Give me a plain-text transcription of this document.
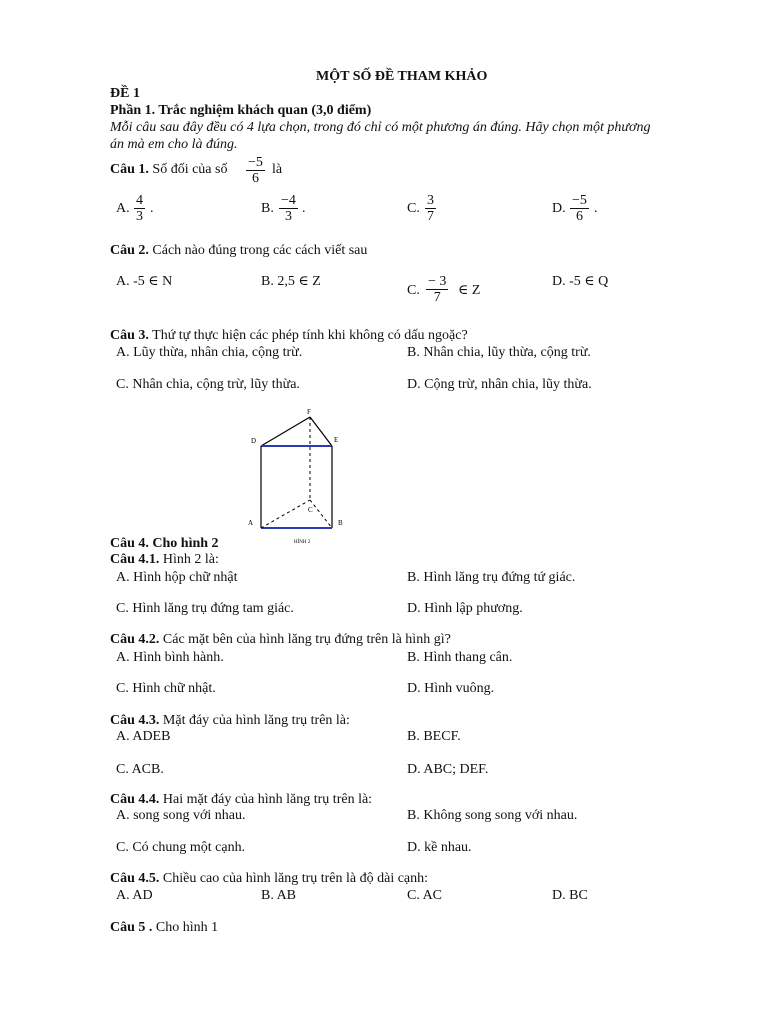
MỘT SỐ ĐỀ THAM KHẢO
ĐỀ 1
Phần 1. Trắc nghiệm khách quan (3,0 điểm)
Mỗi câu sau đây đều có 4 lựa chọn, trong đó chỉ có một phương án đúng. Hãy chọn một phương
án mà em cho là đúng.
Câu 1. Số đối của số $\frac{-5}{6}$ là
A. $\frac{4}{3}$ .	B. $\frac{-4}{3}$ .	C. $\frac{3}{7}$	D. $\frac{-5}{6}$ .
Câu 2. Cách nào đúng trong các cách viết sau
A. -5 ∈ N	B. 2,5 ∈ Z
C. $\frac{- 3}{7}$ ∈ Z
D. -5 ∈ Q
Câu 3. Thứ tự thực hiện các phép tính khi không có dấu ngoặc?
A. Lũy thừa, nhân chia, cộng trừ.	B. Nhân chia, lũy thừa, cộng trừ.
C. Nhân chia, cộng trừ, lũy thừa.	D. Cộng trừ, nhân chia, lũy thừa.
D
F
E
A	B
C
HÌNH 2
Câu 4. Cho hình 2
Câu 4.1. Hình 2 là:
A. Hình hộp chữ nhật	B. Hình lăng trụ đứng tứ giác.
C. Hình lăng trụ đứng tam giác.	D. Hình lập phương.
Câu 4.2. Các mặt bên của hình lăng trụ đứng trên là hình gì?
A. Hình bình hành.	B. Hình thang cân.
C. Hình chữ nhật.	D. Hình vuông.
Câu 4.3. Mặt đáy của hình lăng trụ trên là:
A. ADEB	B. BECF.
C. ACB.	D. ABC; DEF.
Câu 4.4. Hai mặt đáy của hình lăng trụ trên là:
A. song song với nhau.	B. Không song song với nhau.
C. Có chung một cạnh.	D. kề nhau.
Câu 4.5. Chiều cao của hình lăng trụ trên là độ dài cạnh:
A. AD	B. AB	C. AC	D. BC
Câu 5 . Cho hình 1
